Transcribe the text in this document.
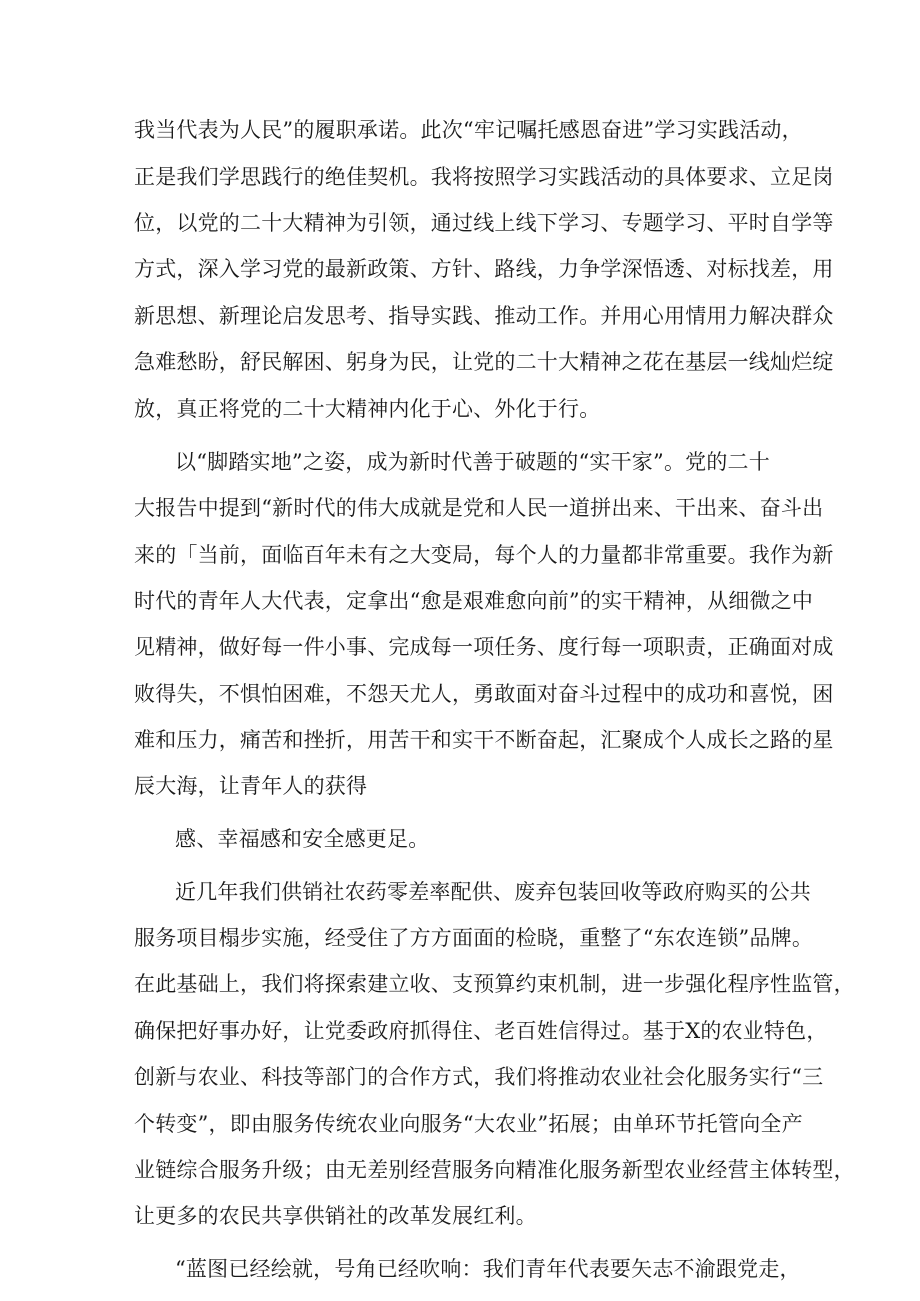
我当代表为人民”的履职承诺。此次“牢记嘱托感恩奋进”学习实践活动，
正是我们学思践行的绝佳契机。我将按照学习实践活动的具体要求、立足岗
位，以党的二十大精神为引领，通过线上线下学习、专题学习、平时自学等
方式，深入学习党的最新政策、方针、路线，力争学深悟透、对标找差，用
新思想、新理论启发思考、指导实践、推动工作。并用心用情用力解决群众
急难愁盼，舒民解困、躬身为民，让党的二十大精神之花在基层一线灿烂绽
放，真正将党的二十大精神内化于心、外化于行。
以“脚踏实地”之姿，成为新时代善于破题的“实干家”。党的二十
大报告中提到“新时代的伟大成就是党和人民一道拼出来、干出来、奋斗出
来的「当前，面临百年未有之大变局，每个人的力量都非常重要。我作为新
时代的青年人大代表，定拿出“愈是艰难愈向前”的实干精神，从细微之中
见精神，做好每一件小事、完成每一项任务、度行每一项职责，正确面对成
败得失，不惧怕困难，不怨天尤人，勇敢面对奋斗过程中的成功和喜悦，困
难和压力，痛苦和挫折，用苦干和实干不断奋起，汇聚成个人成长之路的星
辰大海，让青年人的获得
感、幸福感和安全感更足。
近几年我们供销社农药零差率配供、废弃包装回收等政府购买的公共
服务项目榻步实施，经受住了方方面面的检晓，重整了“东农连锁”品牌。
在此基础上，我们将探索建立收、支预算约束机制，进一步强化程序性监管，
确保把好事办好，让党委政府抓得住、老百姓信得过。基于X的农业特色，
创新与农业、科技等部门的合作方式，我们将推动农业社会化服务实行“三
个转变”，即由服务传统农业向服务“大农业”拓展；由单环节托管向全产
业链综合服务升级；由无差别经营服务向精准化服务新型农业经营主体转型，
让更多的农民共享供销社的改革发展红利。
“蓝图已经绘就，号角已经吹响：我们青年代表要矢志不渝跟党走，
